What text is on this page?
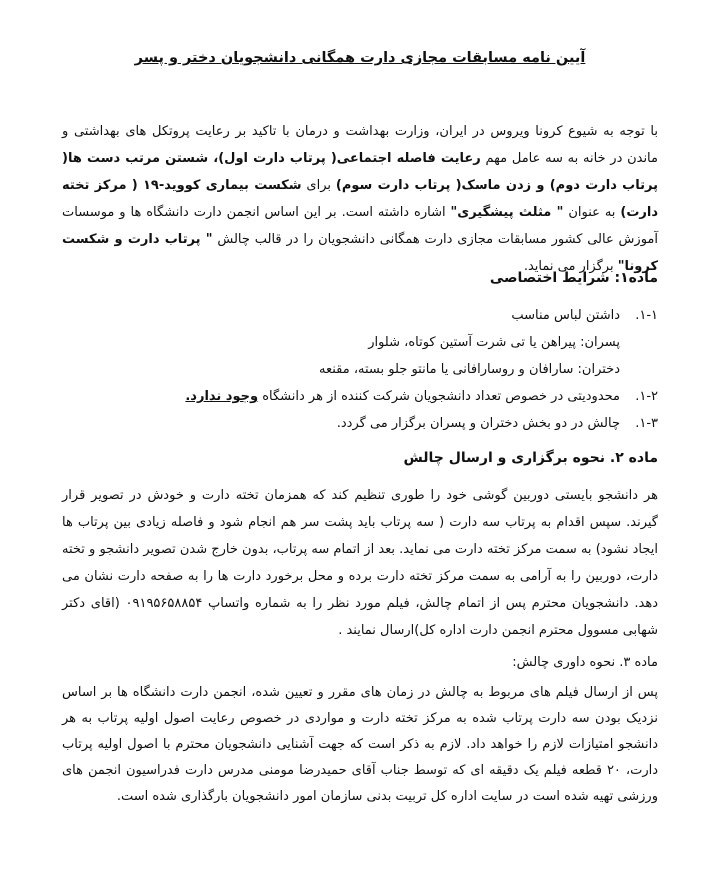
آیین نامه مسابقات مجازی دارت همگانی دانشجویان دختر و پسر
با توجه به شیوع کرونا ویروس در ایران، وزارت بهداشت و درمان با تاکید بر رعایت پروتکل های بهداشتی و ماندن در خانه به سه عامل مهم رعایت فاصله اجتماعی( پرتاب دارت اول)، شستن مرتب دست ها( پرتاب دارت دوم) و زدن ماسک( پرتاب دارت سوم) برای شکست بیماری کووید-۱۹ ( مرکز تخته دارت) به عنوان " مثلث پیشگیری" اشاره داشته است. بر این اساس انجمن دارت دانشگاه ها و موسسات آموزش عالی کشور مسابقات مجازی دارت همگانی دانشجویان را در قالب چالش " پرتاب دارت و شکست کرونا" برگزار می نماید.
ماده۱: شرایط اختصاصی
۱-۱.
داشتن لباس مناسب
پسران: پیراهن یا تی شرت آستین کوتاه، شلوار
دختران: سارافان و روسارافانی یا مانتو جلو بسته، مقنعه
۱-۲.
محدودیتی در خصوص تعداد دانشجویان شرکت کننده از هر دانشگاه وجود ندارد.
۱-۳.
چالش در دو بخش دختران و پسران برگزار می گردد.
ماده ۲. نحوه برگزاری و ارسال چالش
هر دانشجو بایستی دوربین گوشی خود را طوری تنظیم کند که همزمان تخته دارت و خودش در تصویر قرار گیرند. سپس اقدام به پرتاب سه دارت ( سه پرتاب باید پشت سر هم انجام شود و فاصله زیادی بین پرتاب ها ایجاد نشود) به سمت مرکز تخته دارت می نماید. بعد از اتمام سه پرتاب، بدون خارج شدن تصویر دانشجو و تخته دارت، دوربین را به آرامی به سمت مرکز تخته دارت برده و محل برخورد دارت ها را به صفحه دارت نشان می دهد. دانشجویان محترم پس از اتمام چالش، فیلم مورد نظر را به شماره واتساپ ۰۹۱۹۵۶۵۸۸۵۴ (اقای دکتر شهابی مسوول محترم انجمن دارت اداره کل)ارسال نمایند .
ماده ۳. نحوه داوری چالش:
پس از ارسال فیلم های مربوط به چالش در زمان های مقرر و تعیین شده، انجمن دارت دانشگاه ها بر اساس نزدیک بودن سه دارت پرتاب شده به مرکز تخته دارت و مواردی در خصوص رعایت اصول اولیه پرتاب به هر دانشجو امتیازات لازم را خواهد داد. لازم به ذکر است که جهت آشنایی دانشجویان محترم با اصول اولیه پرتاب دارت، ۲۰ قطعه فیلم یک دقیقه ای که توسط جناب آقای حمیدرضا مومنی مدرس دارت فدراسیون انجمن های ورزشی تهیه شده است در سایت اداره کل تربیت بدنی سازمان امور دانشجویان بارگذاری شده است.
